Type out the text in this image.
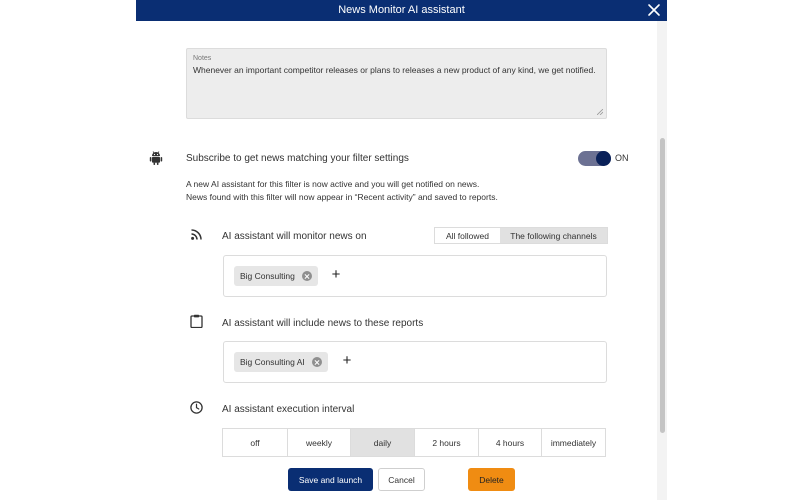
News Monitor AI assistant
Notes
Whenever an important competitor releases or plans to releases a new product of any kind, we get notified.
Subscribe to get news matching your filter settings	ON
A new AI assistant for this filter is now active and you will get notified on news.
News found with this filter will now appear in “Recent activity” and saved to reports.
AI assistant will monitor news on	All followed	The following channels
Big Consulting +
AI assistant will include news to these reports
Big Consulting AI	+
AI assistant execution interval
off	weekly	daily	2 hours	4 hours	immediately
Save and launch	Cancel	Delete
